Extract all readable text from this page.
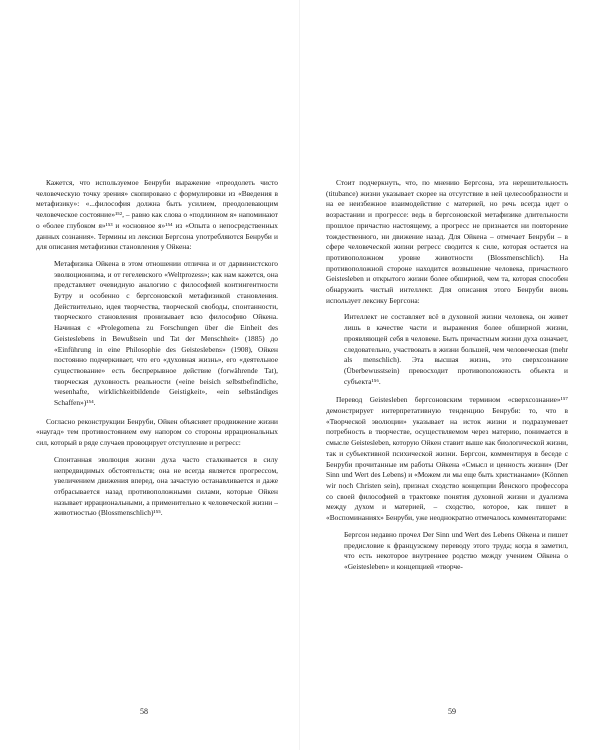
Кажется, что используемое Бенруби выражение «преодолеть чисто человеческую точку зрения» скопировано с формулировки из «Введения в метафизику»: «...философия должна быть усилием, преодолевающим человеческое состояние»¹⁵², – равно как слова о «подлинном я» напоминают о «более глубоком я»¹⁵³ и «основное я»¹⁵⁴ из «Опыта о непосредственных данных сознания». Термины из лексики Бергсона употребляются Бенруби и для описания метафизики становления у Ойкена:

Метафизика Ойкена в этом отношении отлична и от дарвинистского эволюционизма, и от гегелевского «Weltprozess»; как нам кажется, она представляет очевидную аналогию с философией контингентности Бутру и особенно с бергсоновской метафизикой становления. Действительно, идея творчества, творческой свободы, спонтанности, творческого становления пронизывает всю философию Ойкена. Начиная с «Prolegomena zu Forschungen über die Einheit des Geisteslebens in Bewußtsein und Tat der Menschheit» (1885) до «Einführung in eine Philosophie des Geisteslebens» (1908), Ойкен постоянно подчеркивает, что его «духовная жизнь», его «деятельное существование» есть беспрерывное действие (forwährende Tat), творческая духовность реальности («eine beisich selbstbefindliche, wesenhafte, wirklichkeitbildende Geistigkeit», «ein selbständiges Schaffen»)¹⁵⁴.

Согласно реконструкции Бенруби, Ойкен объясняет продвижение жизни «наугад» тем противостоянием ему напором со стороны иррациональных сил, который в ряде случаев провоцирует отступление и регресс:

Спонтанная эволюция жизни духа часто сталкивается в силу непредвидимых обстоятельств; она не всегда является прогрессом, увеличением движения вперед, она зачастую останавливается и даже отбрасывается назад противоположными силами, которые Ойкен называет иррациональными, а применительно к человеческой жизни – животностью (Blossmenschlich)¹⁵⁵.

58

Стоит подчеркнуть, что, по мнению Бергсона, эта нерешительность (titubance) жизни указывает скорее на отсутствие в ней целесообразности и на ее неизбежное взаимодействие с материей, но речь всегда идет о возрастании и прогрессе: ведь в бергсоновской метафизике длительности прошлое причастно настоящему, а прогресс не признается ни повторение тождественного, ни движение назад. Для Ойкена – отмечает Бенруби – в сфере человеческой жизни регресс сводится к силе, которая остается на противоположном уровне животности (Blossmenschlich). На противоположной стороне находится возвышение человека, причастного Geistesleben и открытого жизни более обширной, чем та, которая способен обнаружить чистый интеллект. Для описания этого Бенруби вновь использует лексику Бергсона:

Интеллект не составляет всё в духовной жизни человека, он живет лишь в качестве части и выражения более обширной жизни, проявляющей себя в человеке. Быть причастным жизни духа означает, следовательно, участвовать в жизни большей, чем человеческая (mehr als menschlich). Эта высшая жизнь, это сверхсознание (Überbewusstsein) превосходит противоположность объекта и субъекта¹⁵⁶.

Перевод Geistesleben бергсоновским термином «сверхсознание»¹⁵⁷ демонстрирует интерпретативную тенденцию Бенруби: то, что в «Творческой эволюции» указывает на исток жизни и подразумевает потребность в творчестве, осуществляемом через материю, понимается в смысле Geistesleben, которую Ойкен ставит выше как биологической жизни, так и субъективной психической жизни. Бергсон, комментируя в беседе с Бенруби прочитанные им работы Ойкена «Смысл и ценность жизни» (Der Sinn und Wert des Lebens) и «Можем ли мы еще быть христианами» (Können wir noch Christen sein), признал сходство концепции Йенского профессора со своей философией в трактовке понятия духовной жизни и дуализма между духом и материей, – сходство, которое, как пишет в «Воспоминаниях» Бенруби, уже неоднократно отмечалось комментаторами:

Бергсон недавно прочел Der Sinn und Wert des Lebens Ойкена и пишет предисловие к французскому переводу этого труда; когда я заметил, что есть некоторое внутреннее родство между учением Ойкена о «Geistesleben» и концепцией «творче-

59
